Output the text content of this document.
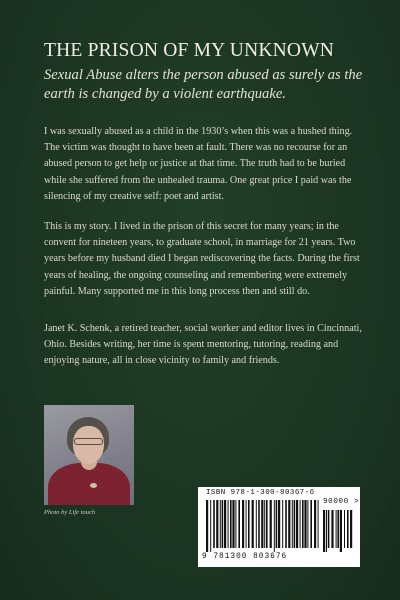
THE PRISON OF MY UNKNOWN

Sexual Abuse alters the person abused as surely as the earth is changed by a violent earthquake.

I was sexually abused as a child in the 1930’s when this was a hushed thing. The victim was thought to have been at fault. There was no recourse for an abused person to get help or justice at that time. The truth had to be buried while she suffered from the unhealed trauma. One great price I paid was the silencing of my creative self: poet and artist.

This is my story. I lived in the prison of this secret for many years; in the convent for nineteen years, to graduate school, in marriage for 21 years. Two years before my husband died I began rediscovering the facts. During the first years of healing, the ongoing counseling and remembering were extremely painful. Many supported me in this long process then and still do.

Janet K. Schenk, a retired teacher, social worker and editor lives in Cincinnati, Ohio. Besides writing, her time is spent mentoring, tutoring, reading and enjoying nature, all in close vicinity to family and friends.

Photo by Life touch

ISBN 978-1-300-80367-6
90000 >
9 781300 803676
